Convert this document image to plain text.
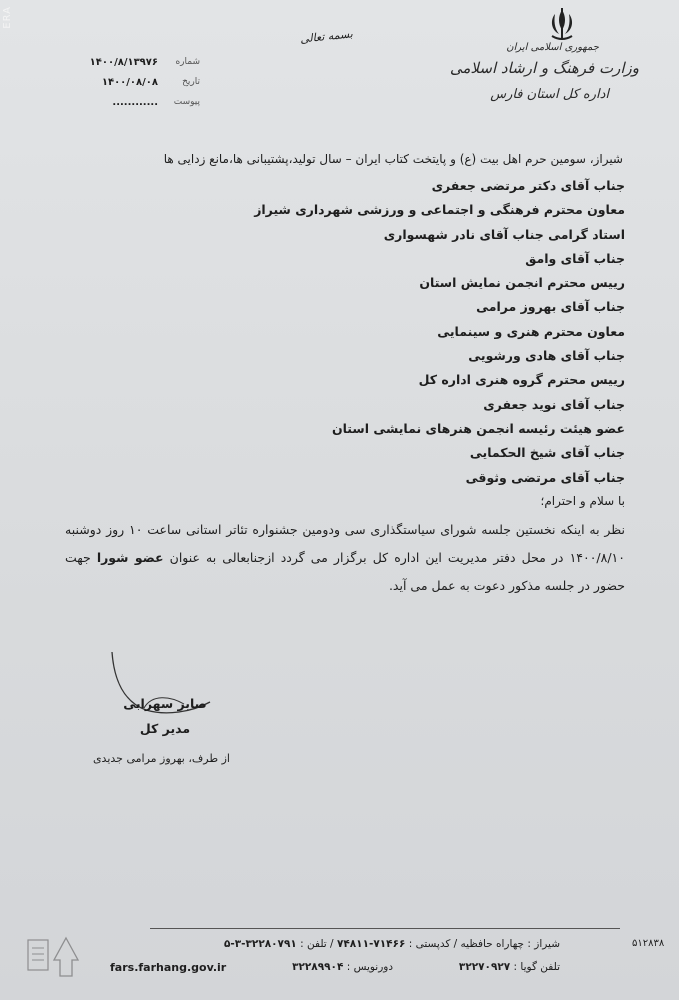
ERA
جمهوری اسلامی ایران
وزارت فرهنگ و ارشاد اسلامی
اداره کل استان فارس
بسمه تعالی
شماره
۱۴۰۰/۸/۱۳۹۷۶
تاریخ
۱۴۰۰/۰۸/۰۸
پیوست
............
شیراز، سومین حرم اهل بیت (ع) و پایتخت کتاب ایران – سال تولید،پشتیبانی ها،مانع زدایی ها
جناب آقای دکتر مرتضی جعفری
معاون محترم فرهنگی و اجتماعی و ورزشی شهرداری شیراز
استاد گرامی جناب آقای نادر شهسواری
جناب آقای وامق
رییس محترم انجمن نمایش استان
جناب آقای بهروز مرامی
معاون محترم هنری و سینمایی
جناب آقای هادی ورشویی
رییس محترم گروه هنری اداره کل
جناب آقای نوید جعفری
عضو هیئت رئیسه انجمن هنرهای نمایشی استان
جناب آقای شیخ الحکمایی
جناب آقای مرتضی وثوقی
با سلام و احترام؛
نظر به اینکه نخستین جلسه شورای سیاستگذاری سی ودومین جشنواره تئاتر استانی ساعت ۱۰ روز دوشنبه ۱۴۰۰/۸/۱۰ در محل دفتر مدیریت این اداره کل برگزار می گردد ازجنابعالی به عنوان عضو شورا جهت حضور در جلسه مذکور دعوت به عمل می آید.
صابر سهرابی
مدیر کل
از طرف، بهروز مرامی جدیدی
شیراز : چهاراه حافظیه / کدپستی : ۷۱۴۶۶-۷۴۸۱۱ / تلفن : ۳۲۲۸۰۷۹۱-۳-۵
تلفن گویا : ۳۲۲۷۰۹۲۷
دورنویس : ۳۲۲۸۹۹۰۴
fars.farhang.gov.ir
۵۱۲۸۳۸
